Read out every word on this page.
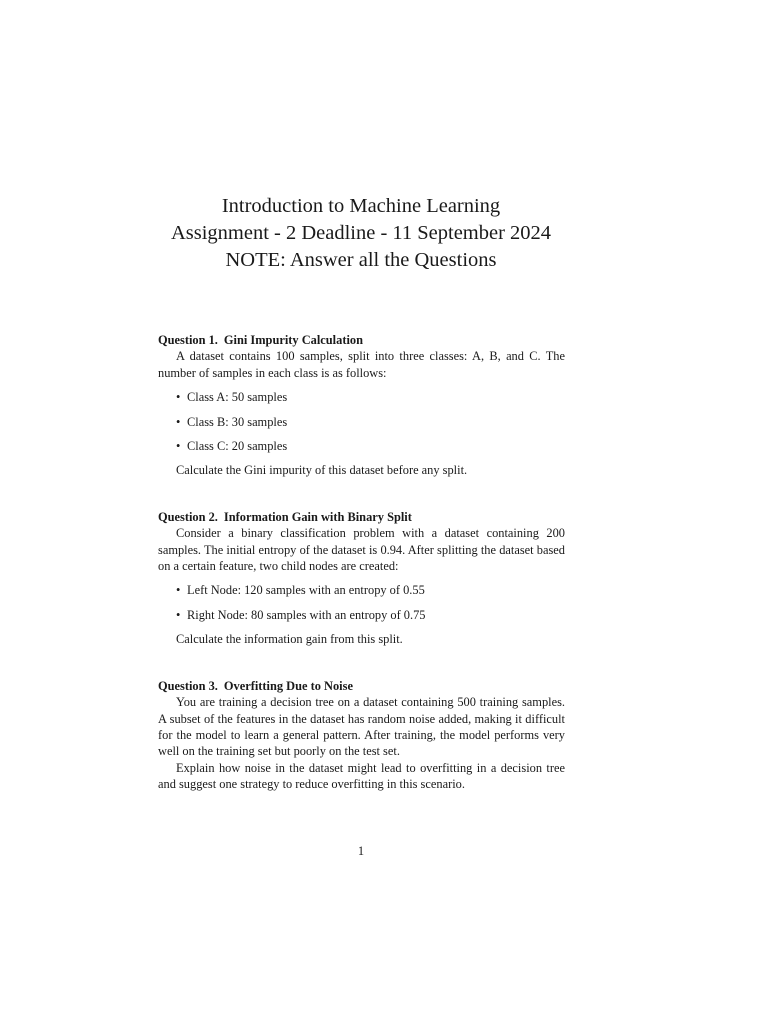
Introduction to Machine Learning
Assignment - 2 Deadline - 11 September 2024
NOTE: Answer all the Questions
Question 1. Gini Impurity Calculation

A dataset contains 100 samples, split into three classes: A, B, and C. The number of samples in each class is as follows:

• Class A: 50 samples
• Class B: 30 samples
• Class C: 20 samples

Calculate the Gini impurity of this dataset before any split.

Question 2. Information Gain with Binary Split

Consider a binary classification problem with a dataset containing 200 samples. The initial entropy of the dataset is 0.94. After splitting the dataset based on a certain feature, two child nodes are created:

• Left Node: 120 samples with an entropy of 0.55
• Right Node: 80 samples with an entropy of 0.75

Calculate the information gain from this split.

Question 3. Overfitting Due to Noise

You are training a decision tree on a dataset containing 500 training samples. A subset of the features in the dataset has random noise added, making it difficult for the model to learn a general pattern. After training, the model performs very well on the training set but poorly on the test set.

Explain how noise in the dataset might lead to overfitting in a decision tree and suggest one strategy to reduce overfitting in this scenario.

1
